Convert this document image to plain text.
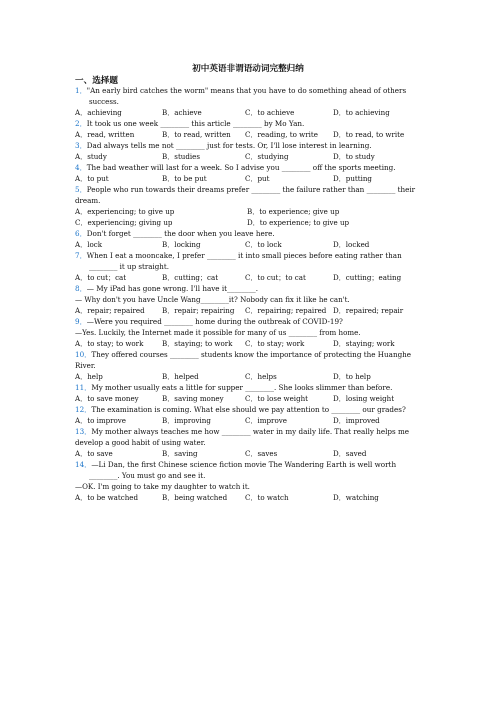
初中英语非谓语动词完整归纳
一、选择题
1．"An early bird catches the worm" means that you have to do something ahead of others
success.
A．achieving	B．achieve	C．to achieve	D．to achieving
2．It took us one week ________ this article ________ by Mo Yan.
A．read, written	B．to read, written C．reading, to write D．to read, to write
3．Dad always tells me not ________ just for tests. Or, I'll lose interest in learning.
A．study	B．studies	C．studying	D．to study
4．The bad weather will last for a week. So I advise you ________ off the sports meeting.
A．to put	B．to be put	C．put	D．putting
5．People who run towards their dreams prefer ________ the failure rather than ________ their
dream.
A．experiencing; to give up	B．to experience; give up
C．experiencing; giving up	D．to experience; to give up
6．Don't forget ________ the door when you leave here.
A．lock	B．locking	C．to lock	D．locked
7．When I eat a mooncake, I prefer ________ it into small pieces before eating rather than
________ it up straight.
A．to cut；cat	B．cutting；cat	C．to cut；to cat	D．cutting；eating
8．— My iPad has gone wrong. I'll have it________.
— Why don't you have Uncle Wang________it? Nobody can fix it like he can't.
A．repair; repaired B．repair; repairing C．repairing; repaired D．repaired; repair
9．—Were you required ________ home during the outbreak of COVID-19?
—Yes. Luckily, the Internet made it possible for many of us ________ from home.
A．to stay; to work	B．staying; to work C．to stay; work	D．staying; work
10．They offered courses ________ students know the importance of protecting the Huanghe
River.
A．help	B．helped	C．helps	D．to help
11．My mother usually eats a little for supper ________. She looks slimmer than before.
A．to save money	B．saving money	C．to lose weight	D．losing weight
12．The examination is coming. What else should we pay attention to ________ our grades?
A．to improve	B．improving	C．improve	D．improved
13．My mother always teaches me how ________ water in my daily life. That really helps me
develop a good habit of using water.
A．to save	B．saving	C．saves	D．saved
14．—Li Dan, the first Chinese science fiction movie The Wandering Earth is well worth
________. You must go and see it.
—OK. I'm going to take my daughter to watch it.
A．to be watched	B．being watched	C．to watch	D．watching
